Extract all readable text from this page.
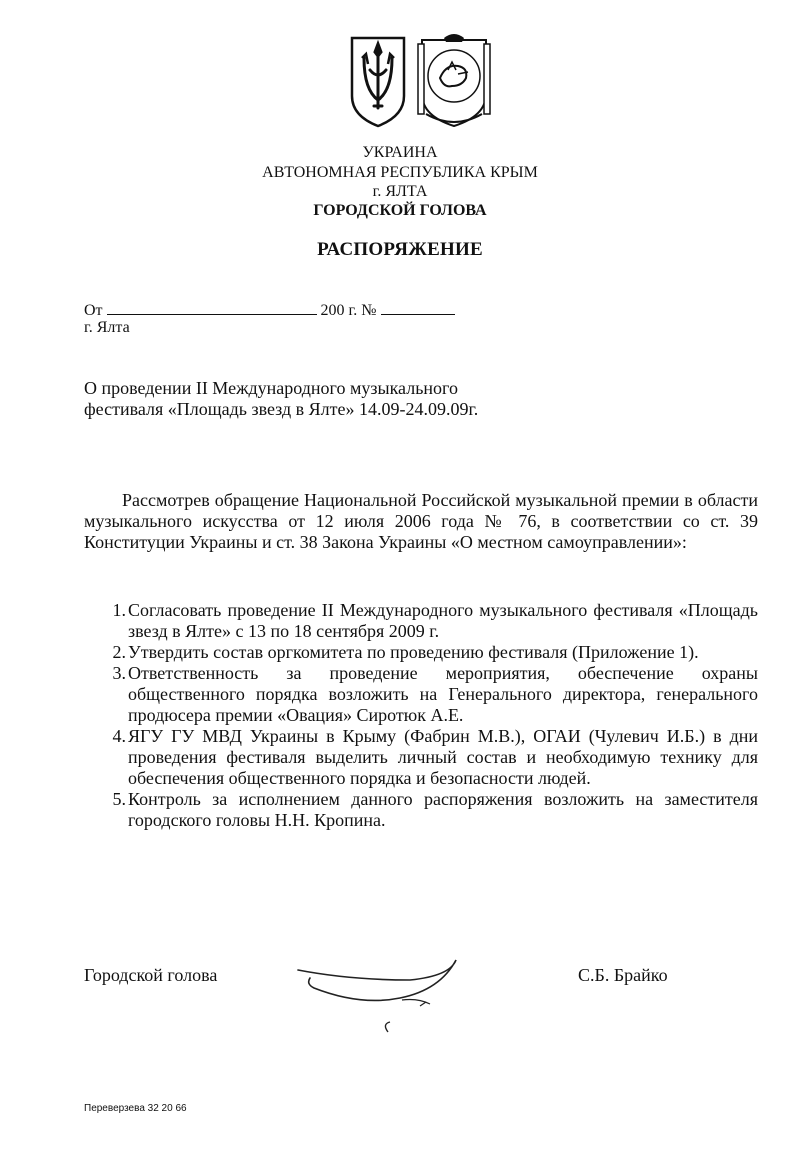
УКРАИНА
АВТОНОМНАЯ РЕСПУБЛИКА КРЫМ
г. ЯЛТА
ГОРОДСКОЙ ГОЛОВА
РАСПОРЯЖЕНИЕ
От	200 г. №
г. Ялта
О проведении II Международного музыкального
фестиваля «Площадь звезд в Ялте» 14.09-24.09.09г.

Рассмотрев обращение Национальной Российской музыкальной премии в области музыкального искусства от 12 июля 2006 года № 76, в соответствии со ст. 39 Конституции Украины и ст. 38 Закона Украины «О местном самоуправлении»:

1. Согласовать проведение II Международного музыкального фестиваля «Площадь звезд в Ялте» с 13 по 18 сентября 2009 г.
2. Утвердить состав оргкомитета по проведению фестиваля (Приложение 1).
3. Ответственность за проведение мероприятия, обеспечение охраны общественного порядка возложить на Генерального директора, генерального продюсера премии «Овация» Сиротюк А.Е.
4. ЯГУ ГУ МВД Украины в Крыму (Фабрин М.В.), ОГАИ (Чулевич И.Б.) в дни проведения фестиваля выделить личный состав и необходимую технику для обеспечения общественного порядка и безопасности людей.
5. Контроль за исполнением данного распоряжения возложить на заместителя городского головы Н.Н. Кропина.
Городской голова	С.Б. Брайко
Переверзева 32 20 66
